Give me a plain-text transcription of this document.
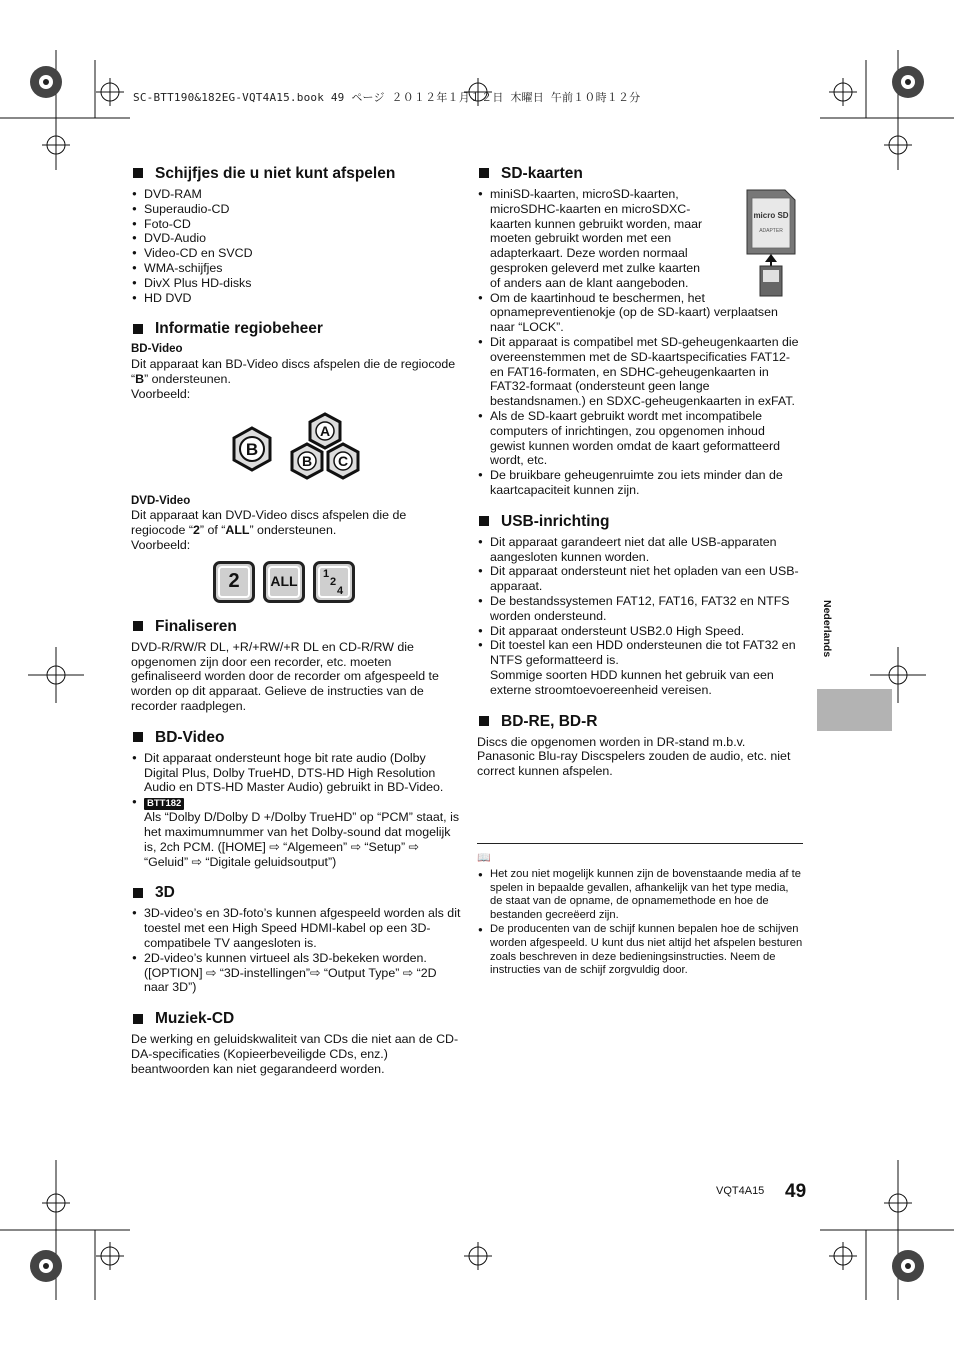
SC-BTT190&182EG-VQT4A15.book 49 ページ ２０１２年１月１２日 木曜日 午前１０時１２分
Schijfjes die u niet kunt afspelen
● DVD-RAM
● Superaudio-CD
● Foto-CD
● DVD-Audio
● Video-CD en SVCD
● WMA-schijfjes
● DivX Plus HD-disks
● HD DVD
Informatie regiobeheer
BD-Video

Dit apparaat kan BD-Video discs afspelen die de regiocode “B” ondersteunen.

Voorbeeld:

B
A
B C
DVD-Video

Dit apparaat kan DVD-Video discs afspelen die de regiocode “2” of “ALL” ondersteunen.

Voorbeeld:

2	ALL 1
2
4
Finaliseren

DVD-R/RW/R DL, +R/+RW/+R DL en CD-R/RW die opgenomen zijn door een recorder, etc. moeten gefinaliseerd worden door de recorder om afgespeeld te worden op dit apparaat. Gelieve de instructies van de recorder raadplegen.

BD-Video
● Dit apparaat ondersteunt hoge bit rate audio (Dolby Digital Plus, Dolby TrueHD, DTS-HD High Resolution Audio en DTS-HD Master Audio) gebruikt in BD-Video.
● BTT182
Als “Dolby D/Dolby D +/Dolby TrueHD” op “PCM” staat, is het maximumnummer van het Dolby-sound dat mogelijk is, 2ch PCM. ([HOME] ⇨ “Algemeen” ⇨ “Setup” ⇨ “Geluid” ⇨ “Digitale geluidsoutput”)
3D
● 3D-video’s en 3D-foto’s kunnen afgespeeld worden als dit toestel met een High Speed HDMI-kabel op een 3D-compatibele TV aangesloten is.
● 2D-video’s kunnen virtueel als 3D-bekeken worden. ([OPTION] ⇨ “3D-instellingen”⇨ “Output Type” ⇨ “2D naar 3D”)
Muziek-CD

De werking en geluidskwaliteit van CDs die niet aan de CD-DA-specificaties (Kopieerbeveiligde CDs, enz.) beantwoorden kan niet gegarandeerd worden.

SD-kaarten
● miniSD-kaarten, microSD-kaarten, microSDHC-kaarten en microSDXC-kaarten kunnen gebruikt worden, maar moeten gebruikt worden met een adapterkaart. Deze worden normaal gesproken geleverd met zulke kaarten of anders aan de klant aangeboden.
● Om de kaartinhoud te beschermen, het opnamepreventienokje (op de SD-kaart) verplaatsen naar “LOCK”.
● Dit apparaat is compatibel met SD-geheugenkaarten die overeenstemmen met de SD-kaartspecificaties FAT12- en FAT16-formaten, en SDHC-geheugenkaarten in FAT32-formaat (ondersteunt geen lange bestandsnamen.) en SDXC-geheugenkaarten in exFAT.
● Als de SD-kaart gebruikt wordt met incompatibele computers of inrichtingen, zou opgenomen inhoud gewist kunnen worden omdat de kaart geformatteerd wordt, etc.
● De bruikbare geheugenruimte zou iets minder dan de kaartcapaciteit kunnen zijn.
USB-inrichting
● Dit apparaat garandeert niet dat alle USB-apparaten aangesloten kunnen worden.
● Dit apparaat ondersteunt niet het opladen van een USB-apparaat.
● De bestandssystemen FAT12, FAT16, FAT32 en NTFS worden ondersteund.
● Dit apparaat ondersteunt USB2.0 High Speed.
● Dit toestel kan een HDD ondersteunen die tot FAT32 en NTFS geformatteerd is.

Sommige soorten HDD kunnen het gebruik van een externe stroomtoevoereenheid vereisen.

BD-RE, BD-R

Discs die opgenomen worden in DR-stand m.b.v. Panasonic Blu-ray Discspelers zouden de audio, etc. niet correct kunnen afspelen.

micro SD
ADAPTER
📖
● Het zou niet mogelijk kunnen zijn de bovenstaande media af te spelen in bepaalde gevallen, afhankelijk van het type media, de staat van de opname, de opnamemethode en hoe de bestanden gecreëerd zijn.
● De producenten van de schijf kunnen bepalen hoe de schijven worden afgespeeld. U kunt dus niet altijd het afspelen besturen zoals beschreven in deze bedieningsinstructies. Neem de instructies van de schijf zorgvuldig door.
Nederlands
VQT4A15 49
